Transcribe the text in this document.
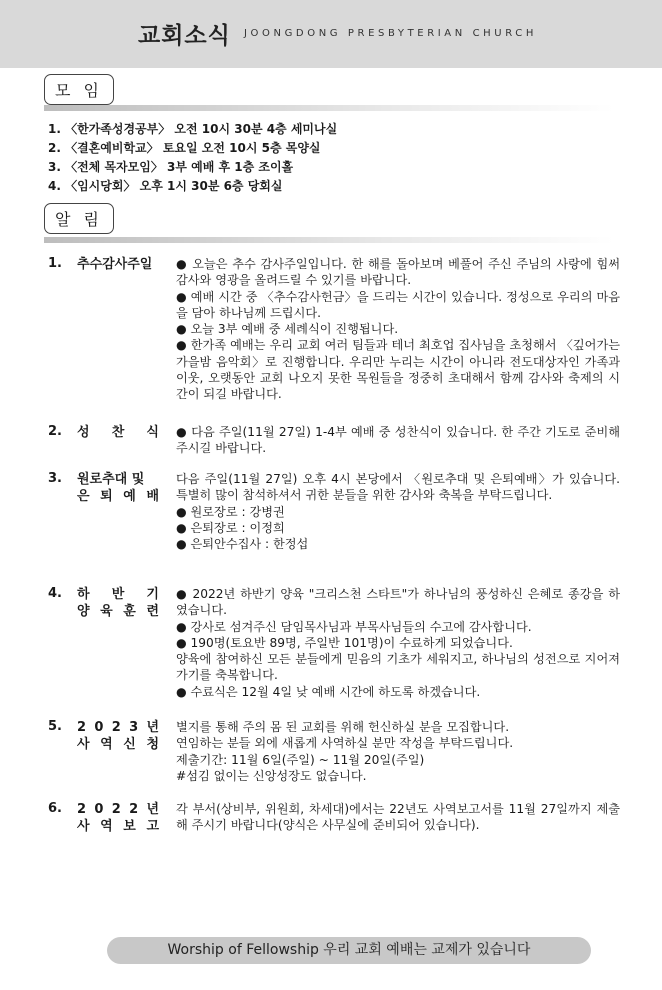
교회소식 JOONGDONG PRESBYTERIAN CHURCH
모 임
1. 〈한가족성경공부〉 오전 10시 30분 4층 세미나실
2. 〈결혼예비학교〉 토요일 오전 10시 5층 목양실
3. 〈전체 목자모임〉 3부 예배 후 1층 조이홀
4. 〈임시당회〉 오후 1시 30분 6층 당회실
알 림
1. 추수감사주일	● 오늘은 추수 감사주일입니다. 한 해를 돌아보며 베풀어 주신 주님의 사랑에 힘써 감사와 영광을 올려드릴 수 있기를 바랍니다.
● 예배 시간 중 〈추수감사헌금〉을 드리는 시간이 있습니다. 정성으로 우리의 마음을 담아 하나님께 드립시다.
● 오늘 3부 예배 중 세례식이 진행됩니다.
● 한가족 예배는 우리 교회 여러 팀들과 테너 최호업 집사님을 초청해서 〈깊어가는 가을밤 음악회〉로 진행합니다. 우리만 누리는 시간이 아니라 전도대상자인 가족과 이웃, 오랫동안 교회 나오지 못한 목원들을 정중히 초대해서 함께 감사와 축제의 시간이 되길 바랍니다.
2. 성 찬 식 ● 다음 주일(11월 27일) 1-4부 예배 중 성찬식이 있습니다. 한 주간 기도로 준비해 주시길 바랍니다.
3. 원로추대 및
은 퇴 예 배
다음 주일(11월 27일) 오후 4시 본당에서 〈원로추대 및 은퇴예배〉가 있습니다. 특별히 많이 참석하셔서 귀한 분들을 위한 감사와 축복을 부탁드립니다.
● 원로장로 : 강병권
● 은퇴장로 : 이정희
● 은퇴안수집사 : 한정섭
4. 하 반 기
양 육 훈 련
● 2022년 하반기 양육 "크리스천 스타트"가 하나님의 풍성하신 은혜로 종강을 하였습니다.
● 강사로 섬겨주신 담임목사님과 부목사님들의 수고에 감사합니다.
● 190명(토요반 89명, 주일반 101명)이 수료하게 되었습니다.
양육에 참여하신 모든 분들에게 믿음의 기초가 세워지고, 하나님의 성전으로 지어져가기를 축복합니다.
● 수료식은 12월 4일 낮 예배 시간에 하도록 하겠습니다.
5. 2 0 2 3 년
사 역 신 청
별지를 통해 주의 몸 된 교회를 위해 헌신하실 분을 모집합니다.
연임하는 분들 외에 새롭게 사역하실 분만 작성을 부탁드립니다.
제출기간: 11월 6일(주일) ~ 11월 20일(주일)
#섬김 없이는 신앙성장도 없습니다.
6. 2 0 2 2 년
사 역 보 고
각 부서(상비부, 위원회, 차세대)에서는 22년도 사역보고서를 11월 27일까지 제출해 주시기 바랍니다(양식은 사무실에 준비되어 있습니다).
Worship of Fellowship 우리 교회 예배는 교제가 있습니다
